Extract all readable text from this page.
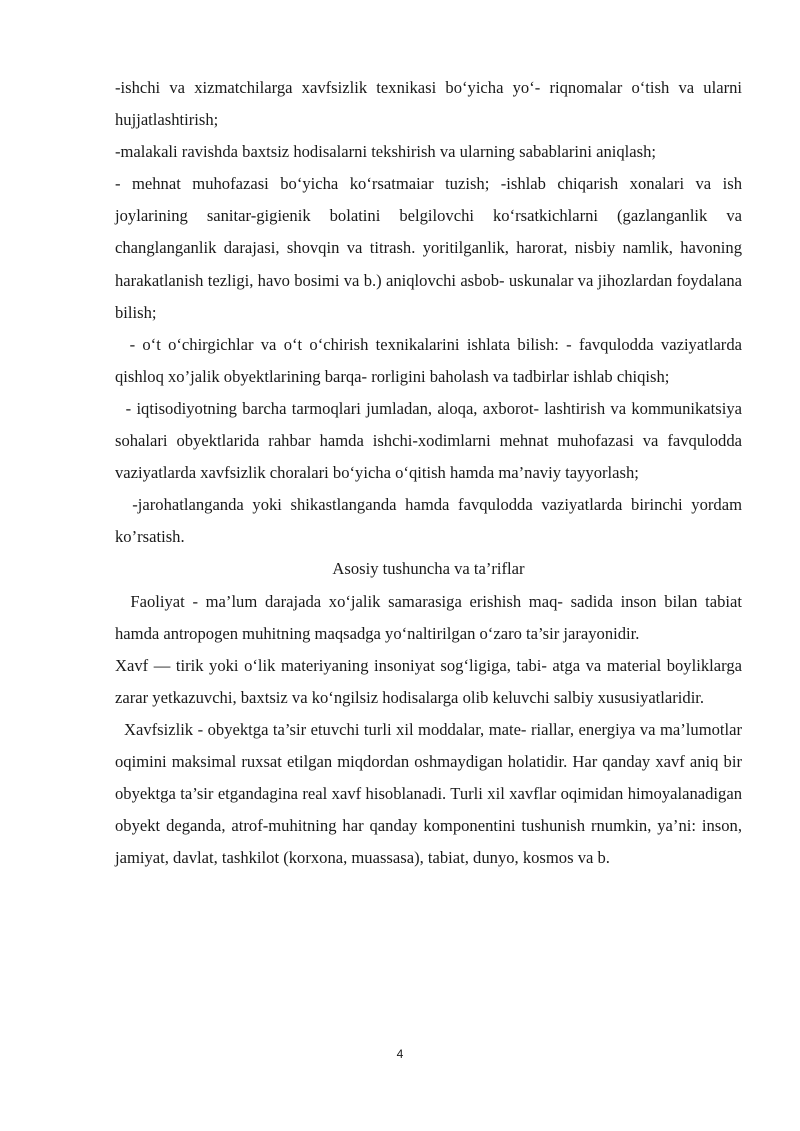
-ishchi va xizmatchilarga xavfsizlik texnikasi bo‘yicha yo‘- riqnomalar o‘tish va ularni hujjatlashtirish;

-malakali ravishda baxtsiz hodisalarni tekshirish va ularning sabablarini aniqlash;

- mehnat muhofazasi bo‘yicha ko‘rsatmaiar tuzish; -ishlab chiqarish xonalari va ish joylarining sanitar-gigienik bolatini belgilovchi ko‘rsatkichlarni (gazlanganlik va changlanganlik darajasi, shovqin va titrash. yoritilganlik, harorat, nisbiy namlik, havoning harakatlanish tezligi, havo bosimi va b.) aniqlovchi asbob- uskunalar va jihozlardan foydalana bilish;

- o‘t o‘chirgichlar va o‘t o‘chirish texnikalarini ishlata bilish: - favqulodda vaziyatlarda qishloq xo’jalik obyektlarining barqa- rorligini baholash va tadbirlar ishlab chiqish;

- iqtisodiyotning barcha tarmoqlari jumladan, aloqa, axborot- lashtirish va kommunikatsiya sohalari obyektlarida rahbar hamda ishchi-xodimlarni mehnat muhofazasi va favqulodda vaziyatlarda xavfsizlik choralari bo‘yicha o‘qitish hamda ma’naviy tayyorlash;

-jarohatlanganda yoki shikastlanganda hamda favqulodda vaziyatlarda birinchi yordam ko’rsatish.

Asosiy tushuncha va ta’riflar

Faoliyat - ma’lum darajada xo‘jalik samarasiga erishish maq- sadida inson bilan tabiat hamda antropogen muhitning maqsadga yo‘naltirilgan o‘zaro ta’sir jarayonidir.

Xavf — tirik yoki o‘lik materiyaning insoniyat sog‘ligiga, tabi- atga va material boyliklarga zarar yetkazuvchi, baxtsiz va ko‘ngilsiz hodisalarga olib keluvchi salbiy xususiyatlaridir.

Xavfsizlik - obyektga ta’sir etuvchi turli xil moddalar, mate- riallar, energiya va ma’lumotlar oqimini maksimal ruxsat etilgan miqdordan oshmaydigan holatidir. Har qanday xavf aniq bir obyektga ta’sir etgandagina real xavf hisoblanadi. Turli xil xavflar oqimidan himoyalanadigan obyekt deganda, atrof-muhitning har qanday komponentini tushunish rnumkin, ya’ni: inson, jamiyat, davlat, tashkilot (korxona, muassasa), tabiat, dunyo, kosmos va b.

4
